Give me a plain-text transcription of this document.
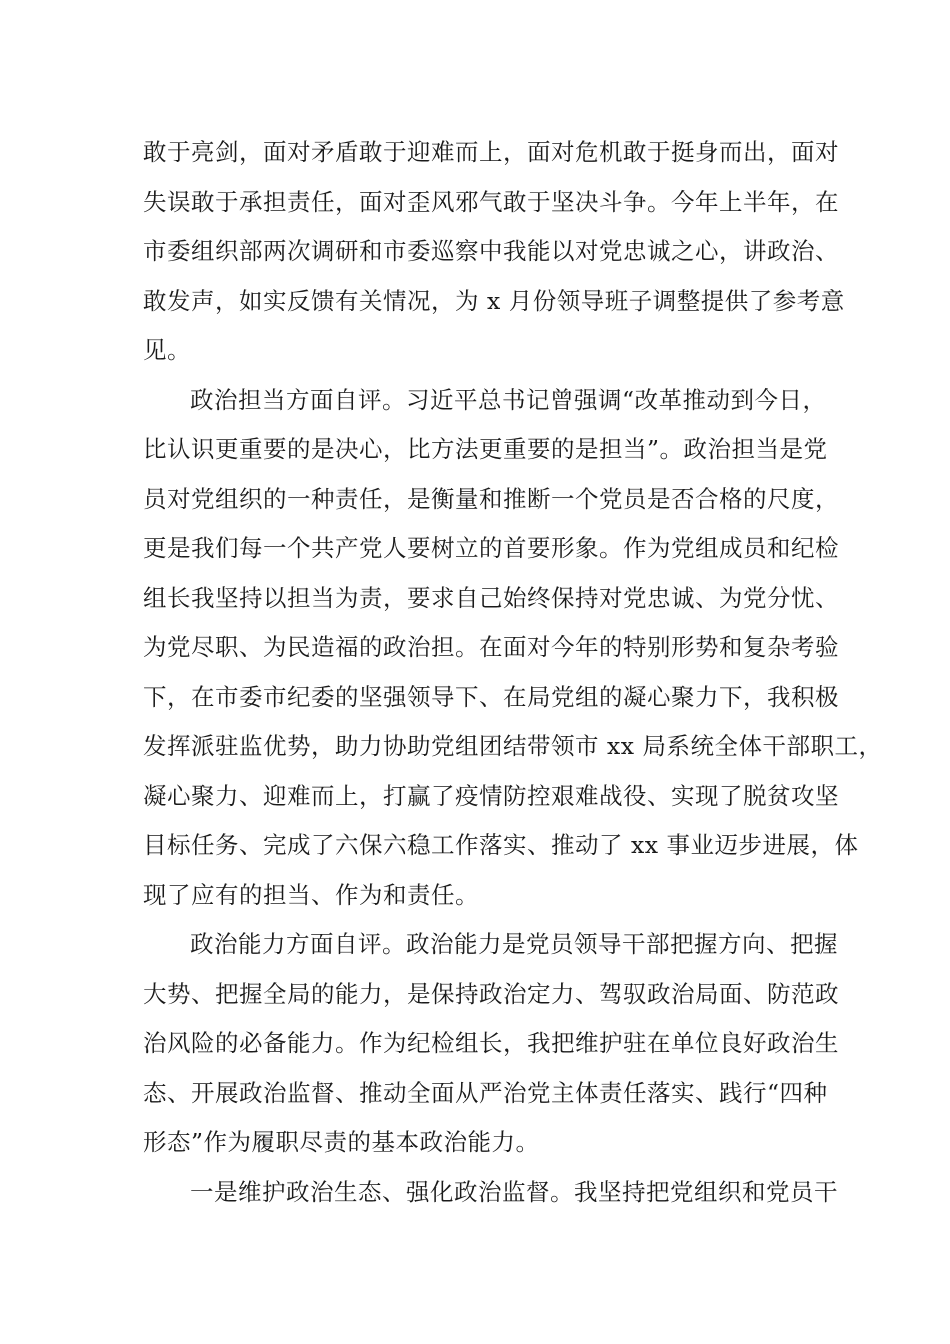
敢于亮剑，面对矛盾敢于迎难而上，面对危机敢于挺身而出，面对
失误敢于承担责任，面对歪风邪气敢于坚决斗争。今年上半年，在
市委组织部两次调研和市委巡察中我能以对党忠诚之心，讲政治、
敢发声，如实反馈有关情况，为 x 月份领导班子调整提供了参考意
见。
政治担当方面自评。习近平总书记曾强调“改革推动到今日，
比认识更重要的是决心，比方法更重要的是担当”。政治担当是党
员对党组织的一种责任，是衡量和推断一个党员是否合格的尺度，
更是我们每一个共产党人要树立的首要形象。作为党组成员和纪检
组长我坚持以担当为责，要求自己始终保持对党忠诚、为党分忧、
为党尽职、为民造福的政治担。在面对今年的特别形势和复杂考验
下，在市委市纪委的坚强领导下、在局党组的凝心聚力下，我积极
发挥派驻监优势，助力协助党组团结带领市 xx 局系统全体干部职工，
凝心聚力、迎难而上，打赢了疫情防控艰难战役、实现了脱贫攻坚
目标任务、完成了六保六稳工作落实、推动了 xx 事业迈步进展，体
现了应有的担当、作为和责任。
政治能力方面自评。政治能力是党员领导干部把握方向、把握
大势、把握全局的能力，是保持政治定力、驾驭政治局面、防范政
治风险的必备能力。作为纪检组长，我把维护驻在单位良好政治生
态、开展政治监督、推动全面从严治党主体责任落实、践行“四种
形态”作为履职尽责的基本政治能力。
一是维护政治生态、强化政治监督。我坚持把党组织和党员干
